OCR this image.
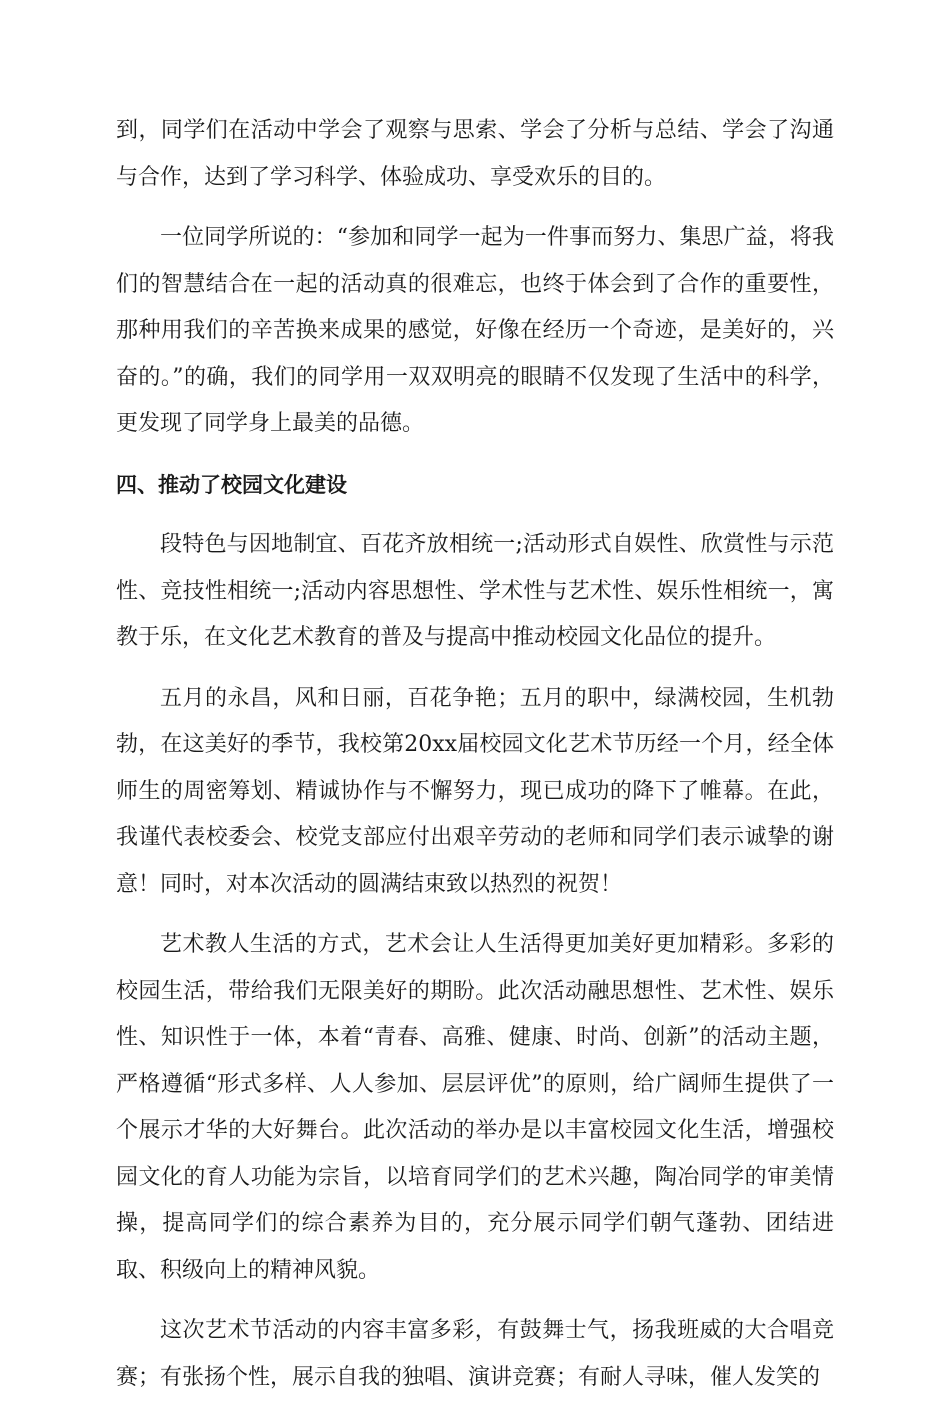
到，同学们在活动中学会了观察与思索、学会了分析与总结、学会了沟通与合作，达到了学习科学、体验成功、享受欢乐的目的。

一位同学所说的：“参加和同学一起为一件事而努力、集思广益，将我们的智慧结合在一起的活动真的很难忘，也终于体会到了合作的重要性，那种用我们的辛苦换来成果的感觉，好像在经历一个奇迹，是美好的，兴奋的。”的确，我们的同学用一双双明亮的眼睛不仅发现了生活中的科学，更发现了同学身上最美的品德。

四、推动了校园文化建设

段特色与因地制宜、百花齐放相统一;活动形式自娱性、欣赏性与示范性、竞技性相统一;活动内容思想性、学术性与艺术性、娱乐性相统一，寓教于乐，在文化艺术教育的普及与提高中推动校园文化品位的提升。

五月的永昌，风和日丽，百花争艳；五月的职中，绿满校园，生机勃勃，在这美好的季节，我校第20xx届校园文化艺术节历经一个月，经全体师生的周密筹划、精诚协作与不懈努力，现已成功的降下了帷幕。在此，我谨代表校委会、校党支部应付出艰辛劳动的老师和同学们表示诚挚的谢意！同时，对本次活动的圆满结束致以热烈的祝贺！

艺术教人生活的方式，艺术会让人生活得更加美好更加精彩。多彩的校园生活，带给我们无限美好的期盼。此次活动融思想性、艺术性、娱乐性、知识性于一体，本着“青春、高雅、健康、时尚、创新”的活动主题，严格遵循“形式多样、人人参加、层层评优”的原则，给广阔师生提供了一个展示才华的大好舞台。此次活动的举办是以丰富校园文化生活，增强校园文化的育人功能为宗旨，以培育同学们的艺术兴趣，陶冶同学的审美情操，提高同学们的综合素养为目的，充分展示同学们朝气蓬勃、团结进取、积级向上的精神风貌。

这次艺术节活动的内容丰富多彩，有鼓舞士气，扬我班威的大合唱竞赛；有张扬个性，展示自我的独唱、演讲竞赛；有耐人寻味，催人发笑的
